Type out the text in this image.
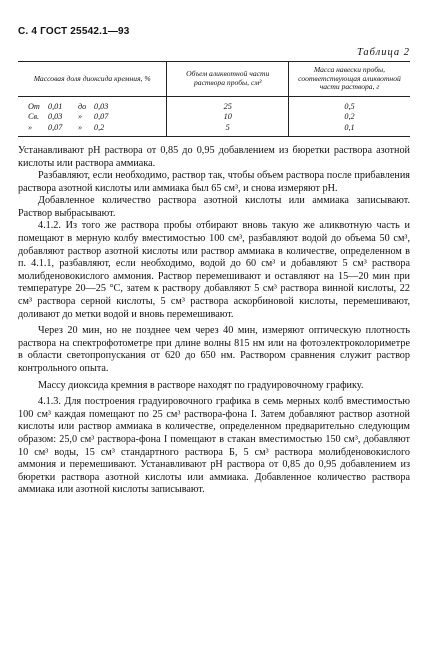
С. 4 ГОСТ 25542.1—93
Таблица 2
Массовая доля диоксида кремния, %	Объем аликвотной части раствора пробы, см³	Масса навески пробы, соответствующая аликвотной части раствора, г
От 0,01 до 0,03	25	0,5
Св. 0,03 » 0,07	10	0,2
» 0,07 » 0,2	5	0,1

Устанавливают pH раствора от 0,85 до 0,95 добавлением из бюретки раствора азотной кислоты или раствора аммиака.

Разбавляют, если необходимо, раствор так, чтобы объем раствора после прибавления раствора азотной кислоты или аммиака был 65 см³, и снова измеряют pH.

Добавленное количество раствора азотной кислоты или аммиака записывают. Раствор выбрасывают.

4.1.2. Из того же раствора пробы отбирают вновь такую же аликвотную часть и помещают в мерную колбу вместимостью 100 см³, разбавляют водой до объема 50 см³, добавляют раствор азотной кислоты или раствор аммиака в количестве, определенном в п. 4.1.1, разбавляют, если необходимо, водой до 60 см³ и добавляют 5 см³ раствора молибденовокислого аммония. Раствор перемешивают и оставляют на 15—20 мин при температуре 20—25 °C, затем к раствору добавляют 5 см³ раствора винной кислоты, 22 см³ раствора серной кислоты, 5 см³ раствора аскорбиновой кислоты, перемешивают, доливают до метки водой и вновь перемешивают.

Через 20 мин, но не позднее чем через 40 мин, измеряют оптическую плотность раствора на спектрофотометре при длине волны 815 нм или на фотоэлектроколориметре в области светопропускания от 620 до 650 нм. Раствором сравнения служит раствор контрольного опыта.

Массу диоксида кремния в растворе находят по градуировочному графику.

4.1.3. Для построения градуировочного графика в семь мерных колб вместимостью 100 см³ каждая помещают по 25 см³ раствора-фона I. Затем добавляют раствор азотной кислоты или раствор аммиака в количестве, определенном предварительно следующим образом: 25,0 см³ раствора-фона I помещают в стакан вместимостью 150 см³, добавляют 10 см³ воды, 15 см³ стандартного раствора Б, 5 см³ раствора молибденовокислого аммония и перемешивают. Устанавливают pH раствора от 0,85 до 0,95 добавлением из бюретки раствора азотной кислоты или аммиака. Добавленное количество раствора аммиака или азотной кислоты записывают.
